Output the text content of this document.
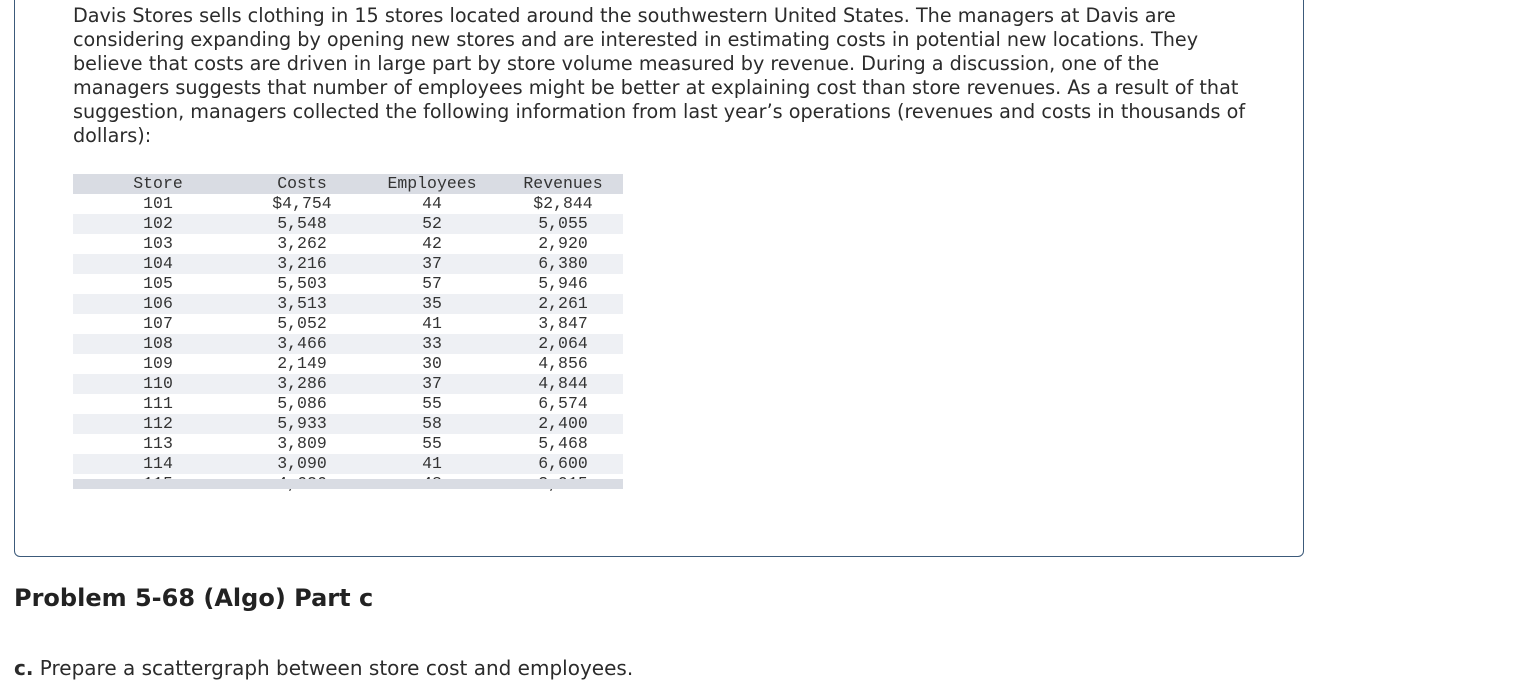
Davis Stores sells clothing in 15 stores located around the southwestern United States. The managers at Davis are considering expanding by opening new stores and are interested in estimating costs in potential new locations. They believe that costs are driven in large part by store volume measured by revenue. During a discussion, one of the managers suggests that number of employees might be better at explaining cost than store revenues. As a result of that suggestion, managers collected the following information from last year’s operations (revenues and costs in thousands of dollars):

Store	Costs	Employees	Revenues
101	$4,754	44	$2,844
102	5,548	52	5,055
103	3,262	42	2,920
104	3,216	37	6,380
105	5,503	57	5,946
106	3,513	35	2,261
107	5,052	41	3,847
108	3,466	33	2,064
109	2,149	30	4,856
110	3,286	37	4,844
111	5,086	55	6,574
112	5,933	58	2,400
113	3,809	55	5,468
114	3,090	41	6,600

Problem 5-68 (Algo) Part c

c. Prepare a scattergraph between store cost and employees.
